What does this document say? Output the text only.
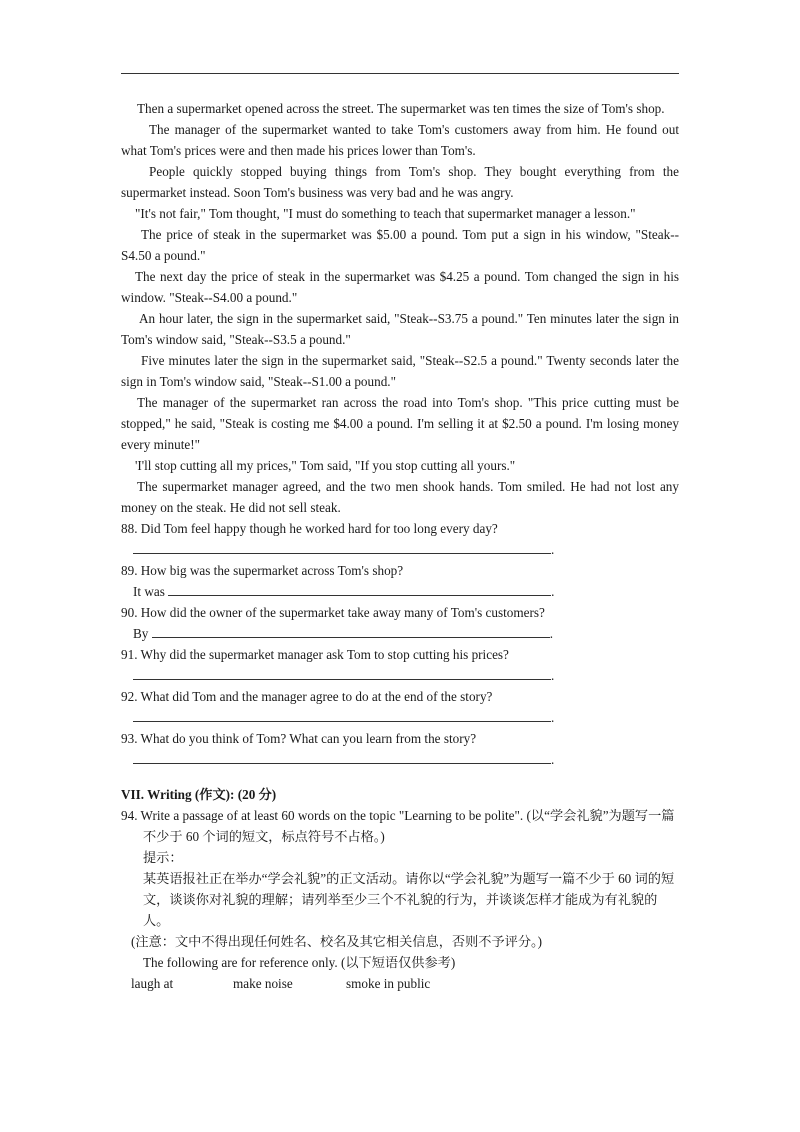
Then a supermarket opened across the street. The supermarket was ten times the size of Tom's shop.

The manager of the supermarket wanted to take Tom's customers away from him. He found out what Tom's prices were and then made his prices lower than Tom's.

People quickly stopped buying things from Tom's shop. They bought everything from the supermarket instead. Soon Tom's business was very bad and he was angry.

"It's not fair," Tom thought, "I must do something to teach that supermarket manager a lesson."

The price of steak in the supermarket was $5.00 a pound. Tom put a sign in his window, "Steak--S4.50 a pound."

The next day the price of steak in the supermarket was $4.25 a pound. Tom changed the sign in his window. "Steak--S4.00 a pound."

An hour later, the sign in the supermarket said, "Steak--S3.75 a pound." Ten minutes later the sign in Tom's window said, "Steak--S3.5 a pound."

Five minutes later the sign in the supermarket said, "Steak--S2.5 a pound." Twenty seconds later the sign in Tom's window said, "Steak--S1.00 a pound."

The manager of the supermarket ran across the road into Tom's shop. "This price cutting must be stopped," he said, "Steak is costing me $4.00 a pound. I'm selling it at $2.50 a pound. I'm losing money every minute!"

'I'll stop cutting all my prices," Tom said, "If you stop cutting all yours."

The supermarket manager agreed, and the two men shook hands. Tom smiled. He had not lost any money on the steak. He did not sell steak.

88. Did Tom feel happy though he worked hard for too long every day?

.

89. How big was the supermarket across Tom's shop?

It was	.

90. How did the owner of the supermarket take away many of Tom's customers?

By	.

91. Why did the supermarket manager ask Tom to stop cutting his prices?

.

92. What did Tom and the manager agree to do at the end of the story?

.

93. What do you think of Tom? What can you learn from the story?

.

VII. Writing (作文): (20 分)

94. Write a passage of at least 60 words on the topic "Learning to be polite". (以“学会礼貌”为题写一篇不少于 60 个词的短文，标点符号不占格。)

提示：

某英语报社正在举办“学会礼貌”的正文活动。请你以“学会礼貌”为题写一篇不少于 60 词的短文，谈谈你对礼貌的理解；请列举至少三个不礼貌的行为，并谈谈怎样才能成为有礼貌的人。

(注意：文中不得出现任何姓名、校名及其它相关信息，否则不予评分。)

The following are for reference only. (以下短语仅供参考)

laugh at	make noise	smoke in public
